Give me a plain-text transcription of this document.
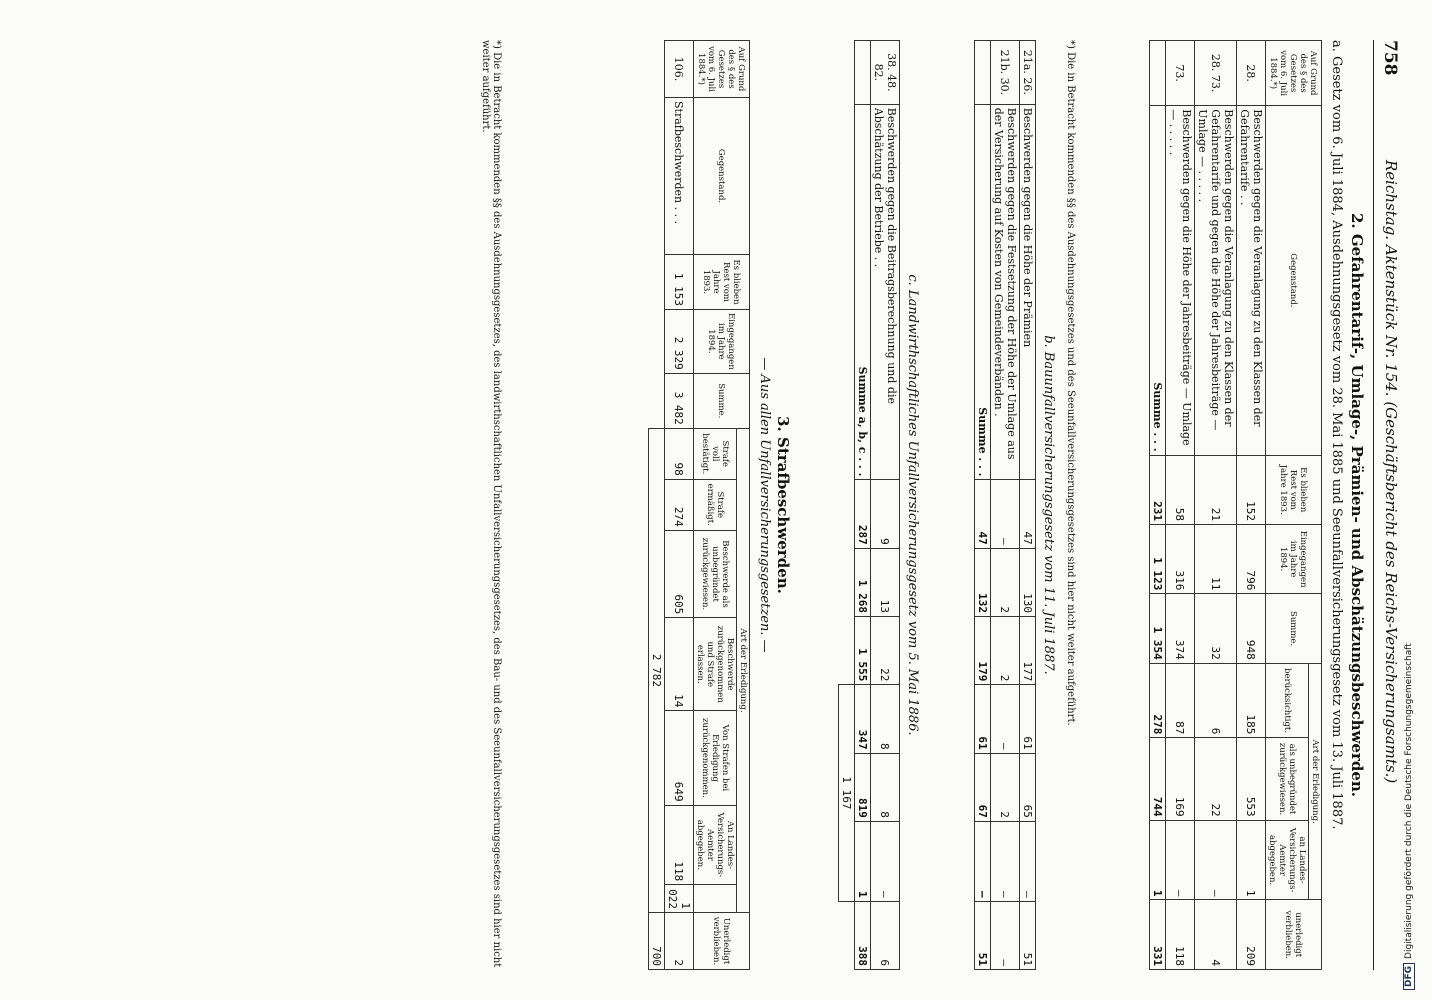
758
Reichstag. Aktenstück Nr. 154. (Geschäftsbericht des Reichs-Versicherungsamts.)
2. Gefahrentarif-, Umlage-, Prämien- und Abschätzungsbeschwerden.
a. Gesetz vom 6. Juli 1884, Ausdehnungsgesetz vom 28. Mai 1885 und Seeunfallversicherungsgesetz vom 13. Juli 1887.
Auf Grund des § des Gesetzes vom 6. Juli 1884.*)	Gegenstand.	Es blieben Rest vom Jahre 1893.	Eingegangen im Jahre 1894.	Summe.	Art der Erledigung.			unerledigt verblieben.
					berücksichtigt.	als unbegründet zurückgewiesen.	an Landes-Versicherungs-Aemter abgegeben.	
28.	Beschwerden gegen die Veranlagung zu den Klassen der Gefahrentarife . .	152	796	948	185	553	1	209
28. 73.	Beschwerden gegen die Veranlagung zu den Klassen der Gefahrentarife und gegen die Höhe der Jahresbeiträge — Umlage — . . . . .	21	11	32	6	22	—	4
73.	Beschwerden gegen die Höhe der Jahresbeiträge — Umlage — . . . . .	58	316	374	87	169	—	118
	Summe . . .	231	1 123	1 354	278	744	1	331
*) Die in Betracht kommenden §§ des Ausdehnungsgesetzes und des Seeunfallversicherungsgesetzes sind hier nicht weiter aufgeführt.
b. Bauunfallversicherungsgesetz vom 11. Juli 1887.
21a. 26.	Beschwerden gegen die Höhe der Prämien	47	130	177	61	65	—	51
21b. 30.	Beschwerden gegen die Festsetzung der Höhe der Umlage aus der Versicherung auf Kosten von Gemeindeverbänden .	—	2	2	—	2	—	—
	Summe . . .	47	132	179	61	67	—	51
c. Landwirthschaftliches Unfallversicherungsgesetz vom 5. Mai 1886.
38. 48. 82.	Beschwerden gegen die Beitragsberechnung und die Abschätzung der Betriebe . .	9	13	22	8	8	—	6
	Summe a, b, c . . .	287	1 268	1 555	347	819	1	388
					1 167			
3. Strafbeschwerden.
— Aus allen Unfallversicherungsgesetzen. —
Auf Grund des § des Gesetzes vom 6. Juli 1884.*)	Gegenstand.	Es blieben Rest vom Jahre 1893.	Eingegangen im Jahre 1894.	Summe.	Art der Erledigung.							Unerledigt verblieben.
					Strafe voll bestätigt.	Strafe ermäßigt.	Beschwerde als unbegründet zurückgewiesen.	Beschwerde zurückgenommen und Strafe erlassen.	Von Strafen bei Erledigung zurückgenommen.	An Landes-Versicherungs-Aemter abgegeben.		
106.	Strafbeschwerden . . .	1 153	2 329	3 482	98	274	605	14	649	118	1 022	2
					2 782							700
*) Die in Betracht kommenden §§ des Ausdehnungsgesetzes, des landwirthschaftlichen Unfallversicherungsgesetzes, des Bau- und des Seeunfallversicherungsgesetzes sind hier nicht weiter aufgeführt.
DFGDigitalisierung gefördert durch die Deutsche Forschungsgemeinschaft
